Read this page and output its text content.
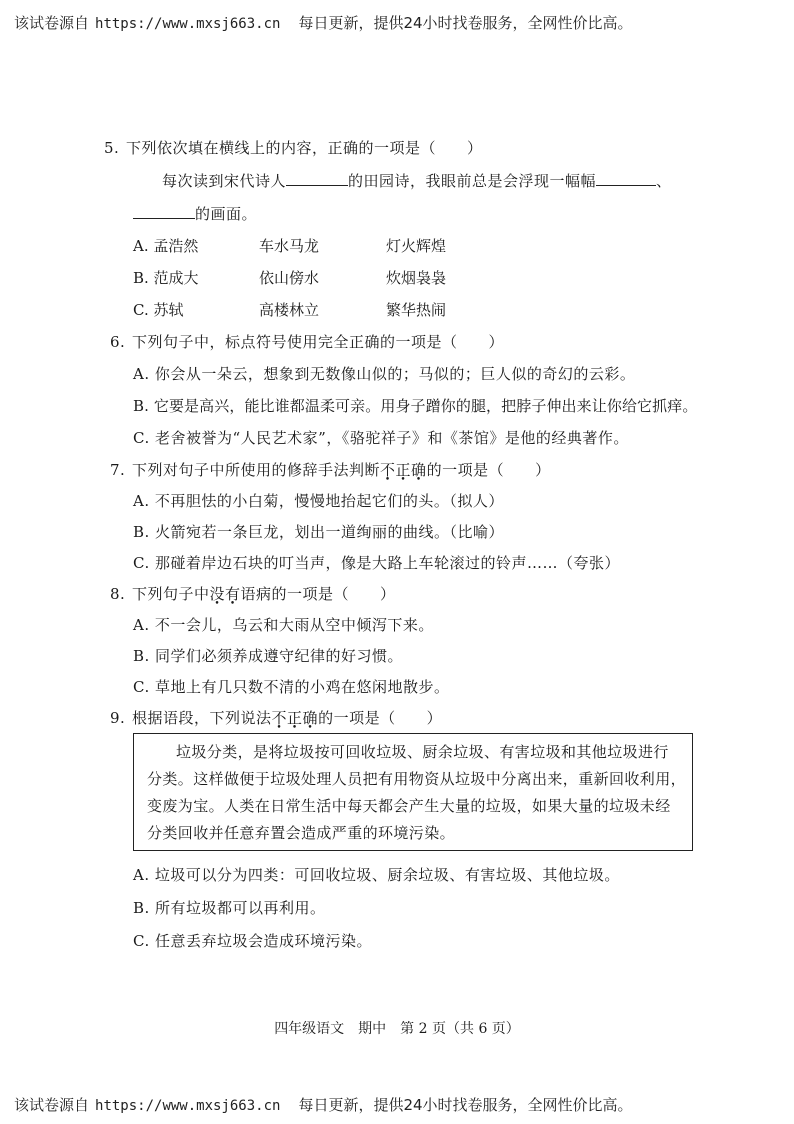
该试卷源自 https://www.mxsj663.cn 每日更新，提供24小时找卷服务，全网性价比高。
5. 下列依次填在横线上的内容，正确的一项是（　　）
每次读到宋代诗人	的田园诗，我眼前总是会浮现一幅幅	、
的画面。
A. 孟浩然	车水马龙	灯火辉煌
B. 范成大	依山傍水	炊烟袅袅
C. 苏轼	高楼林立	繁华热闹
6. 下列句子中，标点符号使用完全正确的一项是（　　）
A. 你会从一朵云，想象到无数像山似的；马似的；巨人似的奇幻的云彩。
B. 它要是高兴，能比谁都温柔可亲。用身子蹭你的腿，把脖子伸出来让你给它抓痒。
C. 老舍被誉为“人民艺术家”，《骆驼祥子》和《茶馆》是他的经典著作。
7. 下列对句子中所使用的修辞手法判断不正确的一项是（　　）
A. 不再胆怯的小白菊，慢慢地抬起它们的头。（拟人）
B. 火箭宛若一条巨龙，划出一道绚丽的曲线。（比喻）
C. 那碰着岸边石块的叮当声，像是大路上车轮滚过的铃声……（夸张）
8. 下列句子中没有语病的一项是（　　）
A. 不一会儿，乌云和大雨从空中倾泻下来。
B. 同学们必须养成遵守纪律的好习惯。
C. 草地上有几只数不清的小鸡在悠闲地散步。
9. 根据语段，下列说法不正确的一项是（　　）
垃圾分类，是将垃圾按可回收垃圾、厨余垃圾、有害垃圾和其他垃圾进行
分类。这样做便于垃圾处理人员把有用物资从垃圾中分离出来，重新回收利用，
变废为宝。人类在日常生活中每天都会产生大量的垃圾，如果大量的垃圾未经
分类回收并任意弃置会造成严重的环境污染。
A. 垃圾可以分为四类：可回收垃圾、厨余垃圾、有害垃圾、其他垃圾。
B. 所有垃圾都可以再利用。
C. 任意丢弃垃圾会造成环境污染。
四年级语文　期中　第 2 页（共 6 页）
该试卷源自 https://www.mxsj663.cn 每日更新，提供24小时找卷服务，全网性价比高。
